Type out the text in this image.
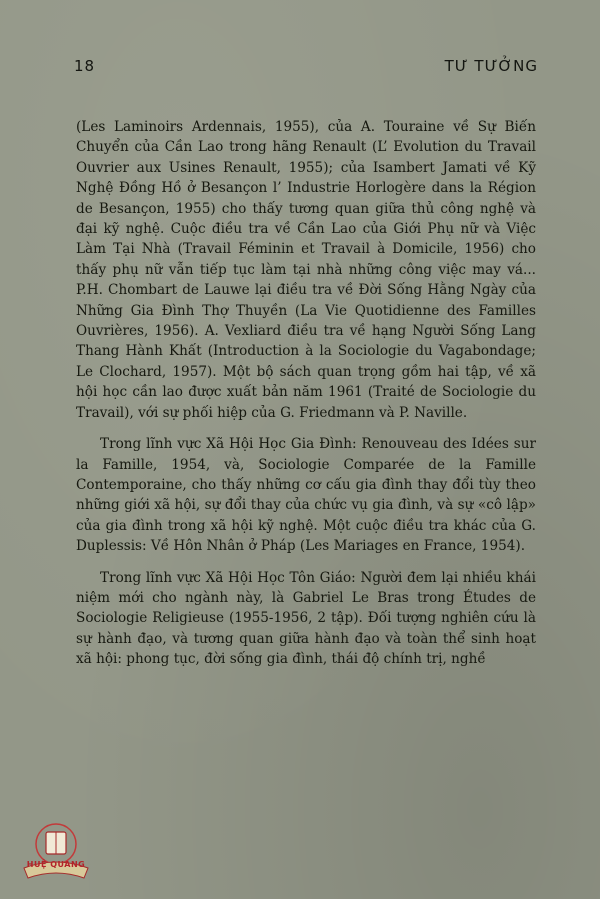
18	TƯ TƯỞNG

(Les Laminoirs Ardennais, 1955), của A. Touraine về Sự Biến Chuyển của Cần Lao trong hãng Renault (L’ Evolution du Travail Ouvrier aux Usines Renault, 1955); của Isambert Jamati về Kỹ Nghệ Đồng Hồ ở Besançon l’ Industrie Horlogère dans la Région de Besançon, 1955) cho thấy tương quan giữa thủ công nghệ và đại kỹ nghệ. Cuộc điều tra về Cần Lao của Giới Phụ nữ và Việc Làm Tại Nhà (Travail Féminin et Travail à Domicile, 1956) cho thấy phụ nữ vẫn tiếp tục làm tại nhà những công việc may vá... P.H. Chombart de Lauwe lại điều tra về Đời Sống Hằng Ngày của Những Gia Đình Thợ Thuyền (La Vie Quotidienne des Familles Ouvrières, 1956). A. Vexliard điều tra về hạng Người Sống Lang Thang Hành Khất (Introduction à la Sociologie du Vagabondage; Le Clochard, 1957). Một bộ sách quan trọng gồm hai tập, về xã hội học cần lao được xuất bản năm 1961 (Traité de Sociologie du Travail), với sự phối hiệp của G. Friedmann và P. Naville.

Trong lĩnh vực Xã Hội Học Gia Đình: Renouveau des Idées sur la Famille, 1954, và, Sociologie Comparée de la Famille Contemporaine, cho thấy những cơ cấu gia đình thay đổi tùy theo những giới xã hội, sự đổi thay của chức vụ gia đình, và sự «cô lập» của gia đình trong xã hội kỹ nghệ. Một cuộc điều tra khác của G. Duplessis: Về Hôn Nhân ở Pháp (Les Mariages en France, 1954).

Trong lĩnh vực Xã Hội Học Tôn Giáo: Người đem lại nhiều khái niệm mới cho ngành này, là Gabriel Le Bras trong Études de Sociologie Religieuse (1955-1956, 2 tập). Đối tượng nghiên cứu là sự hành đạo, và tương quan giữa hành đạo và toàn thể sinh hoạt xã hội: phong tục, đời sống gia đình, thái độ chính trị, nghề

HUỆ QUANG
